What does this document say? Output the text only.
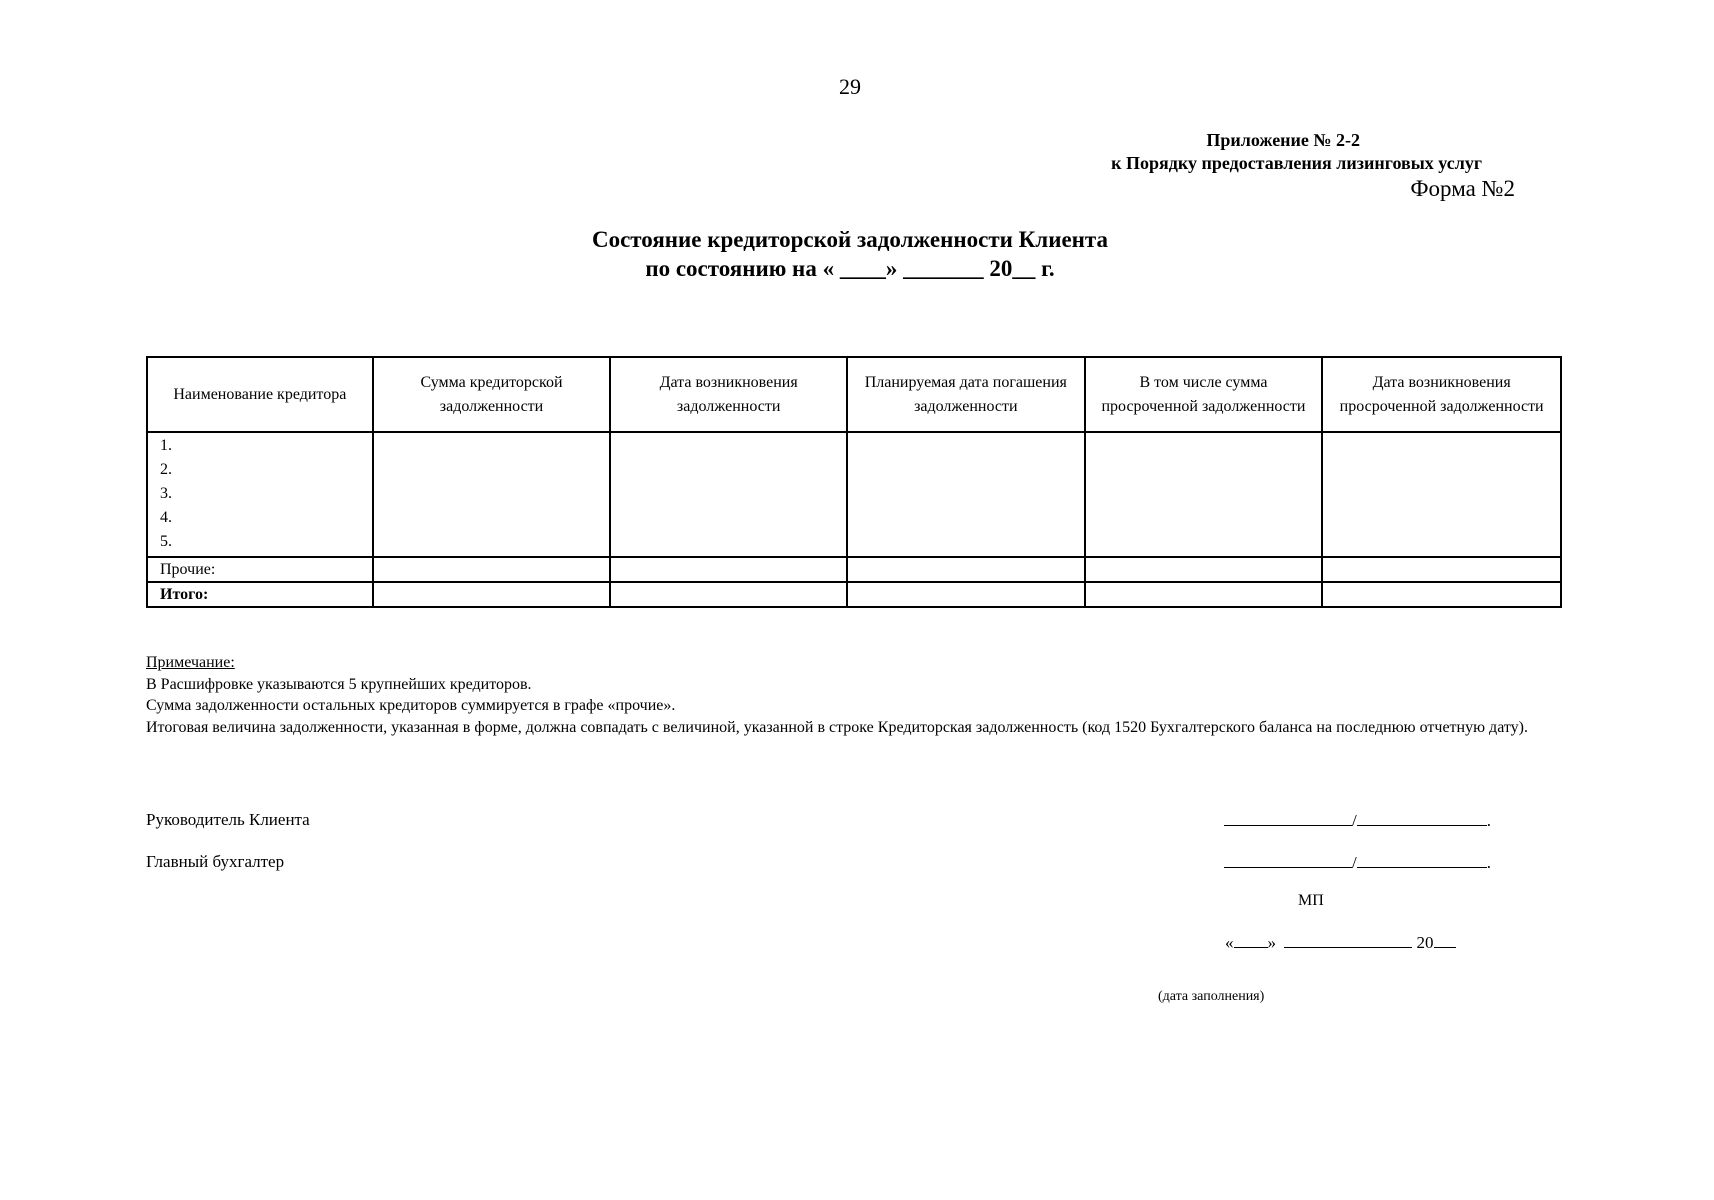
29
Приложение № 2-2
к Порядку предоставления лизинговых услуг
Форма №2
Состояние кредиторской задолженности Клиента
по состоянию на « ____» _______ 20__ г.
Наименование кредитора	Сумма кредиторской задолженности	Дата возникновения задолженности	Планируемая дата погашения задолженности	В том числе сумма просроченной задолженности	Дата возникновения просроченной задолженности

1.
2.
3.
4.
5.					

Прочие:					
Итого:					
Примечание:
В Расшифровке указываются 5 крупнейших кредиторов.
Сумма задолженности остальных кредиторов суммируется в графе «прочие».
Итоговая величина задолженности, указанная в форме, должна совпадать с величиной, указанной в строке Кредиторская задолженность (код 1520 Бухгалтерского баланса на последнюю отчетную дату).
Руководитель Клиента	/	.
Главный бухгалтер	/	.
МП
« »	20
(дата заполнения)
